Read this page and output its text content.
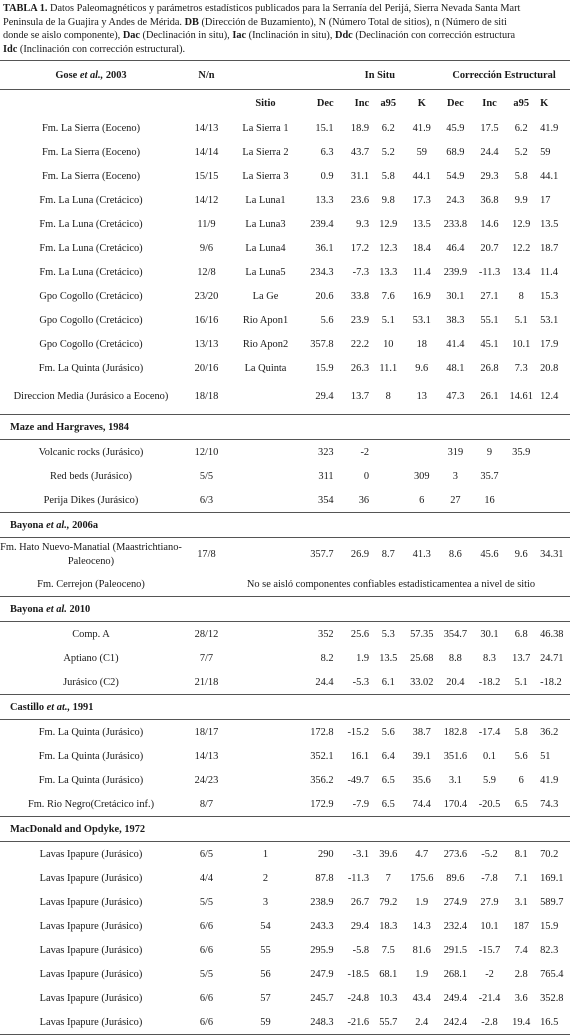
TABLA 1. Datos Paleomagnéticos y parámetros estadísticos publicados para la Serranía del Perijá, Sierra Nevada Santa Mart
Peninsula de la Guajira y Andes de Mérida. DB (Dirección de Buzamiento), N (Número Total de sitios), n (Número de siti
donde se aislo componente), Dac (Declinación in situ), Iac (Inclinación in situ), Ddc (Declinación con corrección estructura
Idc (Inclinación con corrección estructural).
Gose et al., 2003	N/n			In Situ			Corrección Estructural			
		Sitio	Dec	Inc	a95	K	Dec	Inc	a95	K
Fm. La Sierra (Eoceno)	14/13	La Sierra 1	15.1	18.9	6.2	41.9	45.9	17.5	6.2	41.9
Fm. La Sierra (Eoceno)	14/14	La Sierra 2	6.3	43.7	5.2	59	68.9	24.4	5.2	59
Fm. La Sierra (Eoceno)	15/15	La Sierra 3	0.9	31.1	5.8	44.1	54.9	29.3	5.8	44.1
Fm. La Luna (Cretácico)	14/12	La Luna1	13.3	23.6	9.8	17.3	24.3	36.8	9.9	17
Fm. La Luna (Cretácico)	11/9	La Luna3	239.4	9.3	12.9	13.5	233.8	14.6	12.9	13.5
Fm. La Luna (Cretácico)	9/6	La Luna4	36.1	17.2	12.3	18.4	46.4	20.7	12.2	18.7
Fm. La Luna (Cretácico)	12/8	La Luna5	234.3	-7.3	13.3	11.4	239.9	-11.3	13.4	11.4
Gpo Cogollo (Cretácico)	23/20	La Ge	20.6	33.8	7.6	16.9	30.1	27.1	8	15.3
Gpo Cogollo (Cretácico)	16/16	Rio Apon1	5.6	23.9	5.1	53.1	38.3	55.1	5.1	53.1
Gpo Cogollo (Cretácico)	13/13	Rio Apon2	357.8	22.2	10	18	41.4	45.1	10.1	17.9
Fm. La Quinta (Jurásico)	20/16	La Quinta	15.9	26.3	11.1	9.6	48.1	26.8	7.3	20.8
Direccion Media (Jurásico a Eoceno)	18/18		29.4	13.7	8	13	47.3	26.1	14.61	12.4
Maze and Hargraves, 1984										
Volcanic rocks (Jurásico)	12/10		323	-2			319	9	35.9	
Red beds (Jurásico)	5/5		311	0		309	3	35.7		
Perija Dikes (Jurásico)	6/3		354	36		6	27	16		
Bayona et al., 2006a										
Fm. Hato Nuevo-Manatial (Maastrichtiano-Paleoceno)	17/8		357.7	26.9	8.7	41.3	8.6	45.6	9.6	34.31
Fm. Cerrejon (Paleoceno)	No se aisló componentes confiables estadisticamentea a nivel de sitio									
Bayona et al. 2010										
Comp. A	28/12		352	25.6	5.3	57.35	354.7	30.1	6.8	46.38
Aptiano (C1)	7/7		8.2	1.9	13.5	25.68	8.8	8.3	13.7	24.71
Jurásico (C2)	21/18		24.4	-5.3	6.1	33.02	20.4	-18.2	5.1	-18.2
Castillo et at., 1991										
Fm. La Quinta (Jurásico)	18/17		172.8	-15.2	5.6	38.7	182.8	-17.4	5.8	36.2
Fm. La Quinta (Jurásico)	14/13		352.1	16.1	6.4	39.1	351.6	0.1	5.6	51
Fm. La Quinta (Jurásico)	24/23		356.2	-49.7	6.5	35.6	3.1	5.9	6	41.9
Fm. Rio Negro(Cretácico inf.)	8/7		172.9	-7.9	6.5	74.4	170.4	-20.5	6.5	74.3
MacDonald and Opdyke, 1972										
Lavas Ipapure (Jurásico)	6/5	1	290	-3.1	39.6	4.7	273.6	-5.2	8.1	70.2
Lavas Ipapure (Jurásico)	4/4	2	87.8	-11.3	7	175.6	89.6	-7.8	7.1	169.1
Lavas Ipapure (Jurásico)	5/5	3	238.9	26.7	79.2	1.9	274.9	27.9	3.1	589.7
Lavas Ipapure (Jurásico)	6/6	54	243.3	29.4	18.3	14.3	232.4	10.1	187	15.9
Lavas Ipapure (Jurásico)	6/6	55	295.9	-5.8	7.5	81.6	291.5	-15.7	7.4	82.3
Lavas Ipapure (Jurásico)	5/5	56	247.9	-18.5	68.1	1.9	268.1	-2	2.8	765.4
Lavas Ipapure (Jurásico)	6/6	57	245.7	-24.8	10.3	43.4	249.4	-21.4	3.6	352.8
Lavas Ipapure (Jurásico)	6/6	59	248.3	-21.6	55.7	2.4	242.4	-2.8	19.4	16.5
